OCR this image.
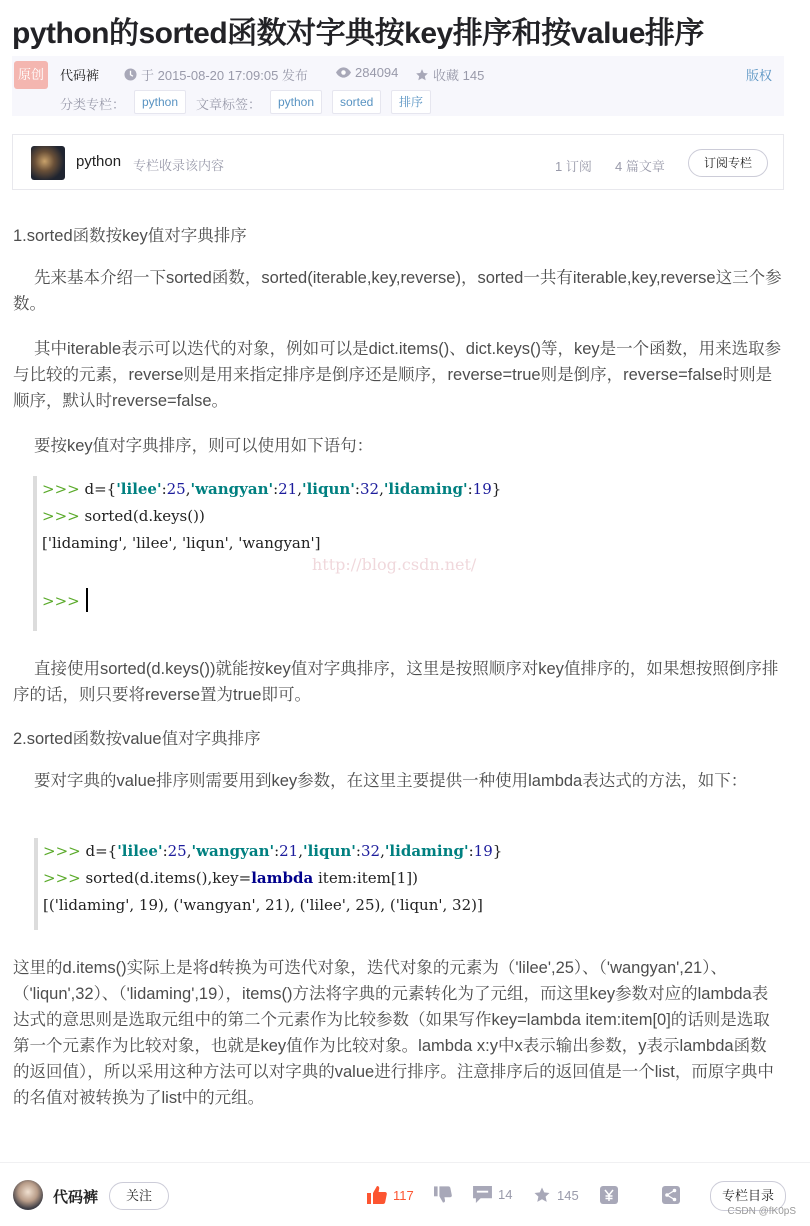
python的sorted函数对字典按key排序和按value排序
原创	代码裤	于 2015-08-20 17:09:05 发布	284094	收藏 145	版权
分类专栏：	python	文章标签：	python	sorted	排序
python 专栏收录该内容	1 订阅 4 篇文章	订阅专栏

1.sorted函数按key值对字典排序

先来基本介绍一下sorted函数，sorted(iterable,key,reverse)，sorted一共有iterable,key,reverse这三个参数。

其中iterable表示可以迭代的对象，例如可以是dict.items()、dict.keys()等，key是一个函数，用来选取参与比较的元素，reverse则是用来指定排序是倒序还是顺序，reverse=true则是倒序，reverse=false时则是顺序，默认时reverse=false。

要按key值对字典排序，则可以使用如下语句：

>>> d={'lilee':25,'wangyan':21,'liqun':32,'lidaming':19}
>>> sorted(d.keys())
['lidaming', 'lilee', 'liqun', 'wangyan']
>>>
http://blog.csdn.net/

直接使用sorted(d.keys())就能按key值对字典排序，这里是按照顺序对key值排序的，如果想按照倒序排序的话，则只要将reverse置为true即可。

2.sorted函数按value值对字典排序

要对字典的value排序则需要用到key参数，在这里主要提供一种使用lambda表达式的方法，如下：

>>> d={'lilee':25,'wangyan':21,'liqun':32,'lidaming':19}
>>> sorted(d.items(),key=lambda item:item[1])
[('lidaming', 19), ('wangyan', 21), ('lilee', 25), ('liqun', 32)]

这里的d.items()实际上是将d转换为可迭代对象，迭代对象的元素为（'lilee',25）、（'wangyan',21）、（'liqun',32）、（'lidaming',19），items()方法将字典的元素转化为了元组，而这里key参数对应的lambda表达式的意思则是选取元组中的第二个元素作为比较参数（如果写作key=lambda item:item[0]的话则是选取第一个元素作为比较对象，也就是key值作为比较对象。lambda x:y中x表示输出参数，y表示lambda函数的返回值），所以采用这种方法可以对字典的value进行排序。注意排序后的返回值是一个list，而原字典中的名值对被转换为了list中的元组。

代码裤	关注	117	14	145	专栏目录
CSDN @fK0pS
